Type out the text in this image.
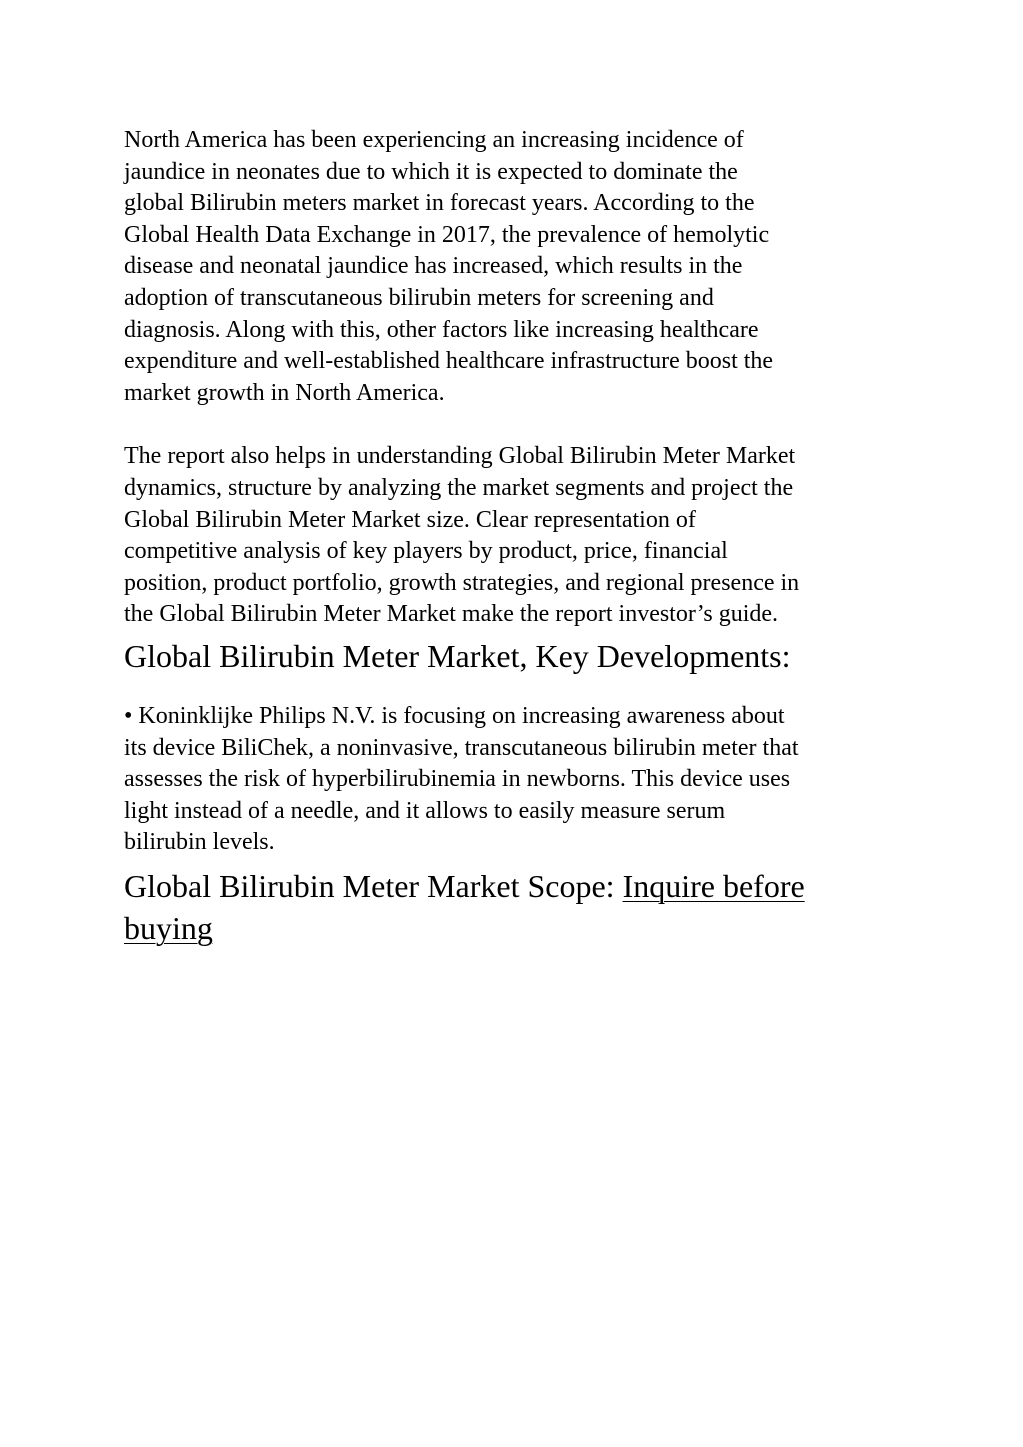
North America has been experiencing an increasing incidence of
jaundice in neonates due to which it is expected to dominate the
global Bilirubin meters market in forecast years. According to the
Global Health Data Exchange in 2017, the prevalence of hemolytic
disease and neonatal jaundice has increased, which results in the
adoption of transcutaneous bilirubin meters for screening and
diagnosis. Along with this, other factors like increasing healthcare
expenditure and well-established healthcare infrastructure boost the
market growth in North America.

The report also helps in understanding Global Bilirubin Meter Market
dynamics, structure by analyzing the market segments and project the
Global Bilirubin Meter Market size. Clear representation of
competitive analysis of key players by product, price, financial
position, product portfolio, growth strategies, and regional presence in
the Global Bilirubin Meter Market make the report investor’s guide.

Global Bilirubin Meter Market, Key Developments:

• Koninklijke Philips N.V. is focusing on increasing awareness about
its device BiliChek, a noninvasive, transcutaneous bilirubin meter that
assesses the risk of hyperbilirubinemia in newborns. This device uses
light instead of a needle, and it allows to easily measure serum
bilirubin levels.

Global Bilirubin Meter Market Scope: Inquire before
buying
